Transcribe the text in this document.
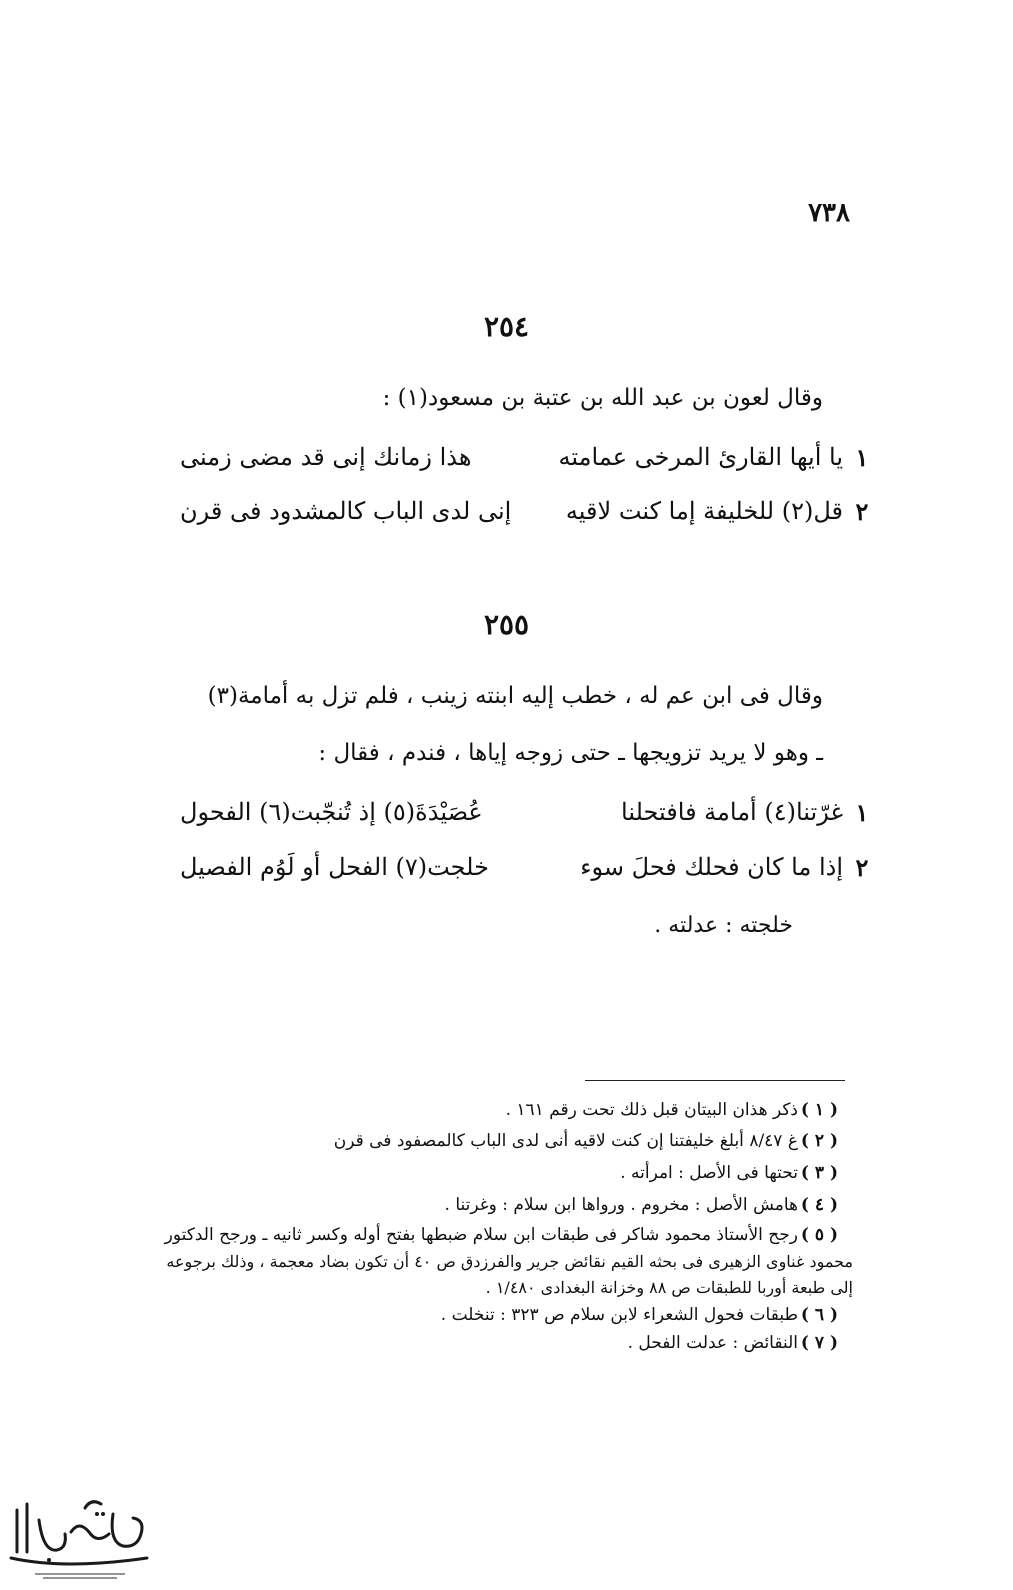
٧٣٨
٢٥٤
وقال لعون بن عبد الله بن عتبة بن مسعود(١) :
١
يا أيها القارئ المرخى عمامته
هذا زمانك إنى قد مضى زمنى
٢
قل(٢) للخليفة إما كنت لاقيه
إنى لدى الباب كالمشدود فى قرن
٢٥٥
وقال فى ابن عم له ، خطب إليه ابنته زينب ، فلم تزل به أمامة(٣)
ـ وهو لا يريد تزويجها ـ حتى زوجه إياها ، فندم ، فقال :
١
غرّتنا(٤) أمامة فافتحلنا
عُصَيْدَةَ(٥) إذ تُنجّبت(٦) الفحول
٢
إذا ما كان فحلك فحلَ سوء
خلجت(٧) الفحل أو لَوُم الفصيل
خلجته : عدلته .
( ١ )
ذكر هذان البيتان قبل ذلك تحت رقم ١٦١ .
( ٢ )
غ ٨/٤٧ أبلغ خليفتنا إن كنت لاقيه أنى لدى الباب كالمصفود فى قرن
( ٣ )
تحتها فى الأصل : امرأته .
( ٤ )
هامش الأصل : مخروم . ورواها ابن سلام : وغرتنا .
( ٥ )
رجح الأستاذ محمود شاكر فى طبقات ابن سلام ضبطها بفتح أوله وكسر ثانيه ـ ورجح الدكتور
محمود غناوى الزهيرى فى بحثه القيم نقائض جرير والفرزدق ص ٤٠ أن تكون بضاد معجمة ، وذلك برجوعه
إلى طبعة أوربا للطبقات ص ٨٨ وخزانة البغدادى ١/٤٨٠ .
( ٦ )
طبقات فحول الشعراء لابن سلام ص ٣٢٣ : تنخلت .
( ٧ )
النقائض : عدلت الفحل .
